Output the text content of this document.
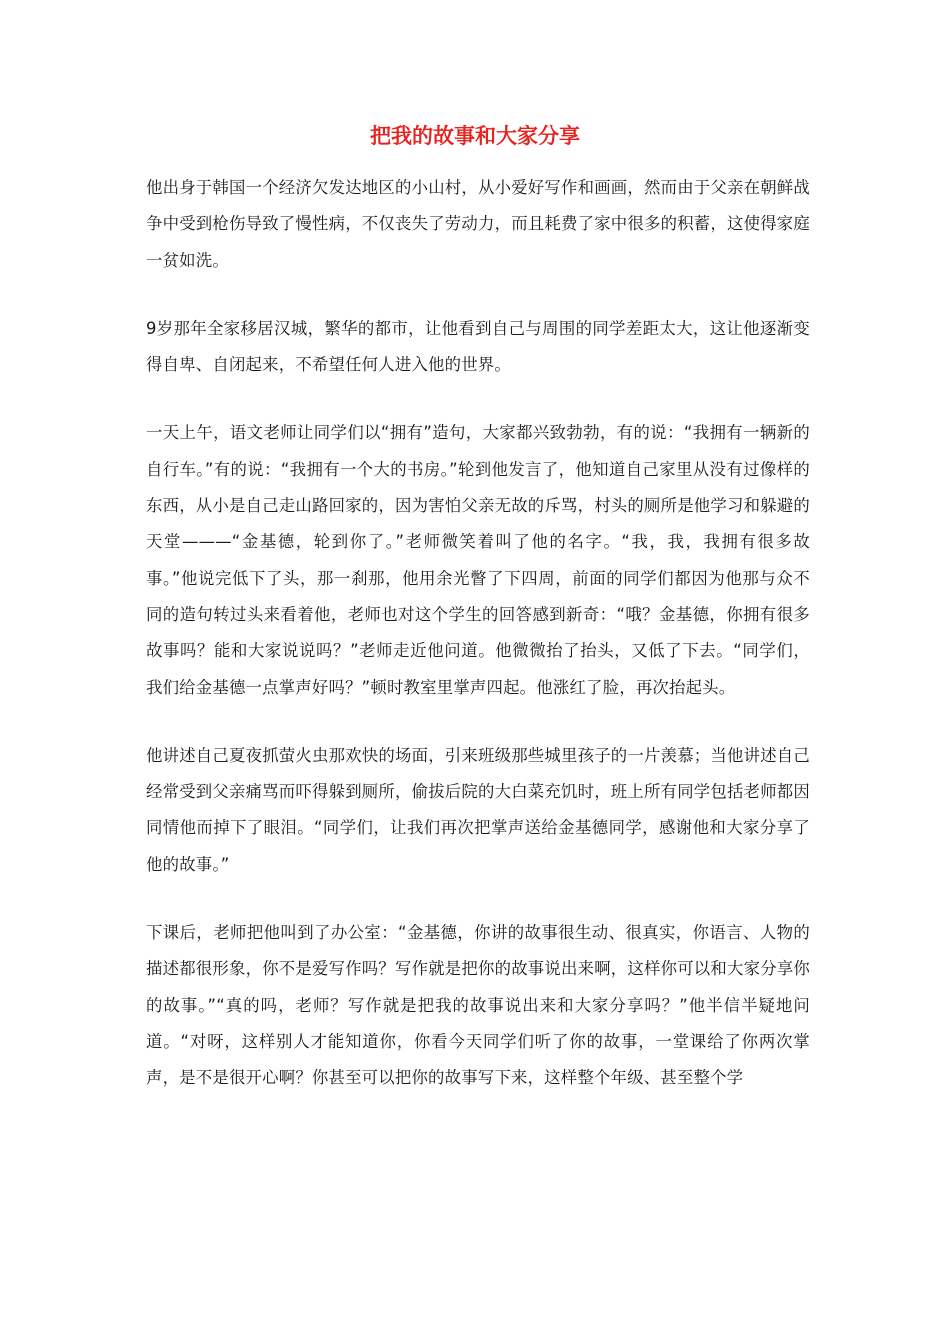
把我的故事和大家分享

他出身于韩国一个经济欠发达地区的小山村，从小爱好写作和画画，然而由于父亲在朝鲜战争中受到枪伤导致了慢性病，不仅丧失了劳动力，而且耗费了家中很多的积蓄，这使得家庭一贫如洗。

9岁那年全家移居汉城，繁华的都市，让他看到自己与周围的同学差距太大，这让他逐渐变得自卑、自闭起来，不希望任何人进入他的世界。

一天上午，语文老师让同学们以“拥有”造句，大家都兴致勃勃，有的说：“我拥有一辆新的自行车。”有的说：“我拥有一个大的书房。”轮到他发言了，他知道自己家里从没有过像样的东西，从小是自己走山路回家的，因为害怕父亲无故的斥骂，村头的厕所是他学习和躲避的天堂———“金基德，轮到你了。”老师微笑着叫了他的名字。“我，我，我拥有很多故事。”他说完低下了头，那一刹那，他用余光瞥了下四周，前面的同学们都因为他那与众不同的造句转过头来看着他，老师也对这个学生的回答感到新奇：“哦？金基德，你拥有很多故事吗？能和大家说说吗？”老师走近他问道。他微微抬了抬头，又低了下去。“同学们，我们给金基德一点掌声好吗？”顿时教室里掌声四起。他涨红了脸，再次抬起头。

他讲述自己夏夜抓萤火虫那欢快的场面，引来班级那些城里孩子的一片羡慕；当他讲述自己经常受到父亲痛骂而吓得躲到厕所，偷拔后院的大白菜充饥时，班上所有同学包括老师都因同情他而掉下了眼泪。“同学们，让我们再次把掌声送给金基德同学，感谢他和大家分享了他的故事。”

下课后，老师把他叫到了办公室：“金基德，你讲的故事很生动、很真实，你语言、人物的描述都很形象，你不是爱写作吗？写作就是把你的故事说出来啊，这样你可以和大家分享你的故事。”“真的吗，老师？写作就是把我的故事说出来和大家分享吗？”他半信半疑地问道。“对呀，这样别人才能知道你，你看今天同学们听了你的故事，一堂课给了你两次掌声，是不是很开心啊？你甚至可以把你的故事写下来，这样整个年级、甚至整个学
